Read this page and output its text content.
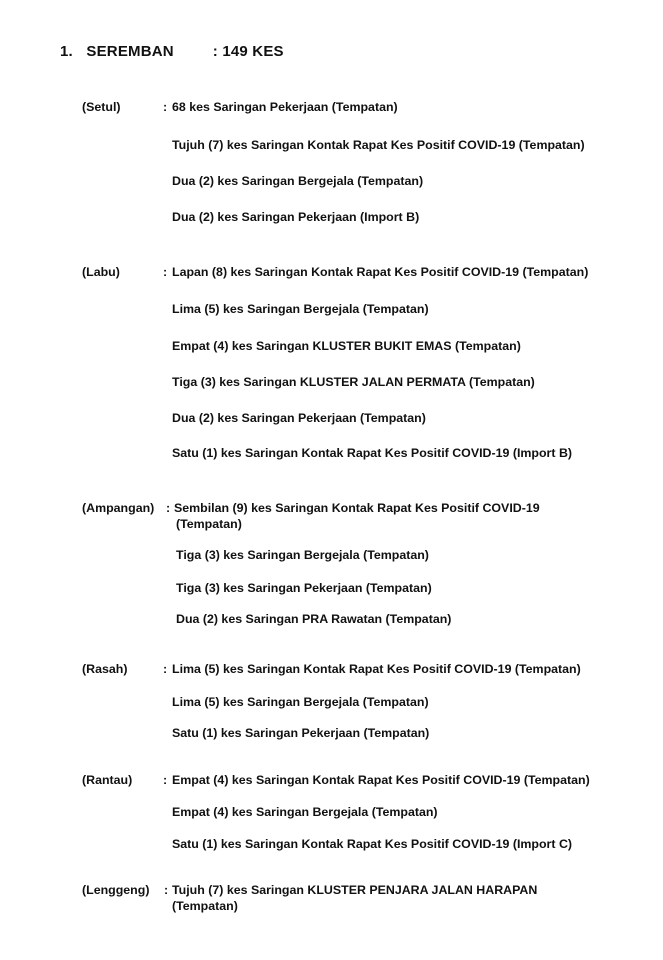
1. SEREMBAN	: 149 KES
(Setul)	: 68 kes Saringan Pekerjaan (Tempatan)
Tujuh (7) kes Saringan Kontak Rapat Kes Positif COVID-19 (Tempatan)
Dua (2) kes Saringan Bergejala (Tempatan)
Dua (2) kes Saringan Pekerjaan (Import B)
(Labu)	: Lapan (8) kes Saringan Kontak Rapat Kes Positif COVID-19 (Tempatan)
Lima (5) kes Saringan Bergejala (Tempatan)
Empat (4) kes Saringan KLUSTER BUKIT EMAS (Tempatan)
Tiga (3) kes Saringan KLUSTER JALAN PERMATA (Tempatan)
Dua (2) kes Saringan Pekerjaan (Tempatan)
Satu (1) kes Saringan Kontak Rapat Kes Positif COVID-19 (Import B)
(Ampangan) : Sembilan (9) kes Saringan Kontak Rapat Kes Positif COVID-19
(Tempatan)
Tiga (3) kes Saringan Bergejala (Tempatan)
Tiga (3) kes Saringan Pekerjaan (Tempatan)
Dua (2) kes Saringan PRA Rawatan (Tempatan)
(Rasah)	: Lima (5) kes Saringan Kontak Rapat Kes Positif COVID-19 (Tempatan)
Lima (5) kes Saringan Bergejala (Tempatan)
Satu (1) kes Saringan Pekerjaan (Tempatan)
(Rantau) : Empat (4) kes Saringan Kontak Rapat Kes Positif COVID-19 (Tempatan)
Empat (4) kes Saringan Bergejala (Tempatan)
Satu (1) kes Saringan Kontak Rapat Kes Positif COVID-19 (Import C)
(Lenggeng) : Tujuh (7) kes Saringan KLUSTER PENJARA JALAN HARAPAN
(Tempatan)
